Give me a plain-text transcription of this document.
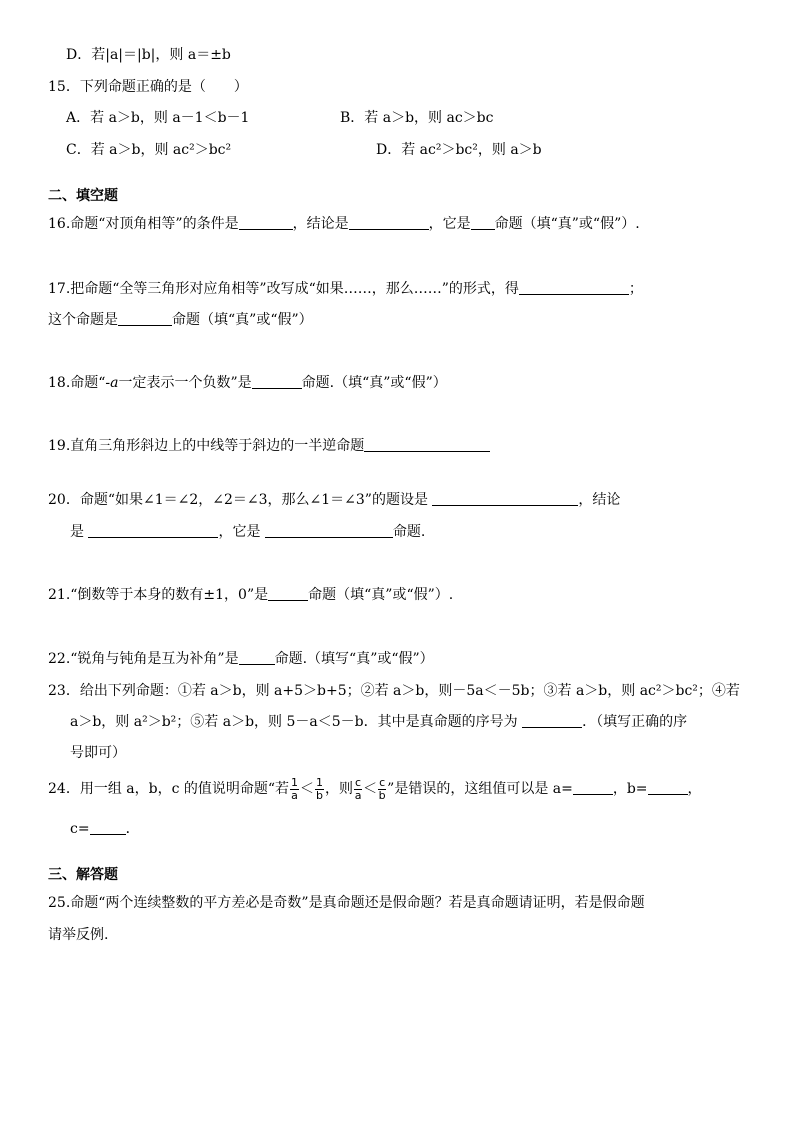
D．若|a|＝|b|，则 a＝±b
15．下列命题正确的是（　　）
A．若 a＞b，则 a－1＜b－1	B．若 a＞b，则 ac＞bc
C．若 a＞b，则 ac²＞bc²	D．若 ac²＞bc²，则 a＞b
二、填空题
16.命题“对顶角相等”的条件是	，结论是	，它是 命题（填“真”或“假”）.
17.把命题“全等三角形对应角相等”改写成“如果……，那么……”的形式，得	；
这个命题是	命题（填“真”或“假”）
18.命题“-a一定表示一个负数”是	命题.（填“真”或“假”）
19.直角三角形斜边上的中线等于斜边的一半逆命题
20．命题“如果∠1＝∠2，∠2＝∠3，那么∠1＝∠3”的题设是	，结论
是	，它是	命题.
21.“倒数等于本身的数有±1，0”是	命题（填“真”或“假”）.
22.“锐角与钝角是互为补角”是	命题.（填写“真”或“假”）
23．给出下列命题：①若 a＞b，则 a+5＞b+5；②若 a＞b，则－5a＜－5b；③若 a＞b，则 ac²＞bc²；④若
a＞b，则 a²＞b²；⑤若 a＞b，则 5－a＜5－b．其中是真命题的序号为	．（填写正确的序
号即可）
24．用一组 a，b，c 的值说明命题“若 $\frac{1}{a} < \frac{1}{b}$ ，则 $\frac{c}{a} < \frac{c}{b}$ ”是错误的，这组值可以是 a=	，b=	，
c=	．
三、解答题
25.命题“两个连续整数的平方差必是奇数”是真命题还是假命题？若是真命题请证明，若是假命题
请举反例.
